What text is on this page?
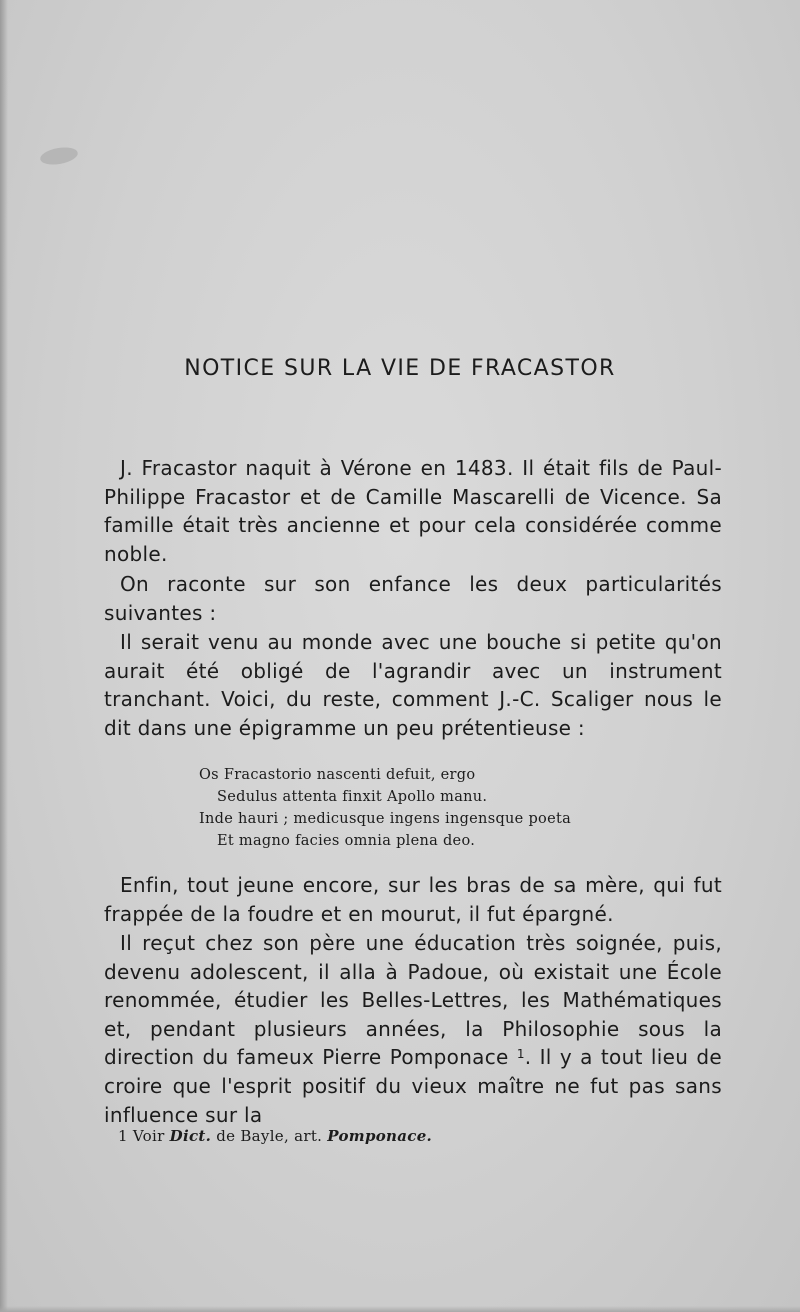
NOTICE SUR LA VIE DE FRACASTOR

J. Fracastor naquit à Vérone en 1483. Il était fils de Paul-Philippe Fracastor et de Camille Mascarelli de Vicence. Sa famille était très ancienne et pour cela considérée comme noble.

On raconte sur son enfance les deux particularités suivantes :

Il serait venu au monde avec une bouche si petite qu'on aurait été obligé de l'agrandir avec un instrument tranchant. Voici, du reste, comment J.-C. Scaliger nous le dit dans une épigramme un peu prétentieuse :

Os Fracastorio nascenti defuit, ergo
Sedulus attenta finxit Apollo manu.
Inde hauri ; medicusque ingens ingensque poeta
Et magno facies omnia plena deo.

Enfin, tout jeune encore, sur les bras de sa mère, qui fut frappée de la foudre et en mourut, il fut épargné.

Il reçut chez son père une éducation très soignée, puis, devenu adolescent, il alla à Padoue, où existait une École renommée, étudier les Belles-Lettres, les Mathématiques et, pendant plusieurs années, la Philosophie sous la direction du fameux Pierre Pomponace $^1$. Il y a tout lieu de croire que l'esprit positif du vieux maître ne fut pas sans influence sur la

1 Voir Dict. de Bayle, art. Pomponace.
